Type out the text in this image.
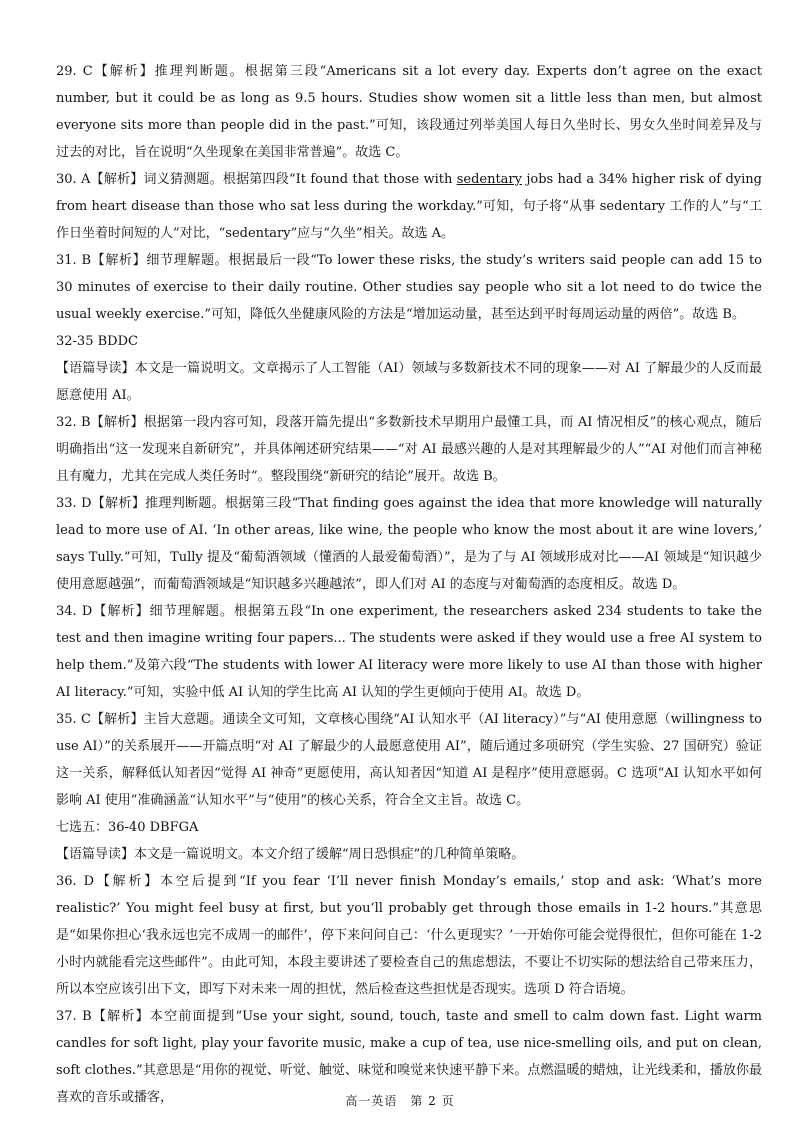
29. C【解析】推理判断题。根据第三段“Americans sit a lot every day. Experts don’t agree on the exact number, but it could be as long as 9.5 hours. Studies show women sit a little less than men, but almost everyone sits more than people did in the past.”可知，该段通过列举美国人每日久坐时长、男女久坐时间差异及与过去的对比，旨在说明“久坐现象在美国非常普遍”。故选 C。

30. A【解析】词义猜测题。根据第四段“It found that those with sedentary jobs had a 34% higher risk of dying from heart disease than those who sat less during the workday.”可知，句子将“从事 sedentary 工作的人”与“工作日坐着时间短的人”对比，“sedentary”应与“久坐”相关。故选 A。

31. B【解析】细节理解题。根据最后一段“To lower these risks, the study’s writers said people can add 15 to 30 minutes of exercise to their daily routine. Other studies say people who sit a lot need to do twice the usual weekly exercise.”可知，降低久坐健康风险的方法是“增加运动量，甚至达到平时每周运动量的两倍”。故选 B。

32-35 BDDC

【语篇导读】本文是一篇说明文。文章揭示了人工智能（AI）领域与多数新技术不同的现象——对 AI 了解最少的人反而最愿意使用 AI。

32. B【解析】根据第一段内容可知，段落开篇先提出“多数新技术早期用户最懂工具，而 AI 情况相反”的核心观点，随后明确指出“这一发现来自新研究”，并具体阐述研究结果——“对 AI 最感兴趣的人是对其理解最少的人”“AI 对他们而言神秘且有魔力，尤其在完成人类任务时”。整段围绕“新研究的结论”展开。故选 B。

33. D【解析】推理判断题。根据第三段“That finding goes against the idea that more knowledge will naturally lead to more use of AI. ‘In other areas, like wine, the people who know the most about it are wine lovers,’ says Tully.”可知，Tully 提及“葡萄酒领域（懂酒的人最爱葡萄酒）”，是为了与 AI 领域形成对比——AI 领域是“知识越少使用意愿越强”，而葡萄酒领域是“知识越多兴趣越浓”，即人们对 AI 的态度与对葡萄酒的态度相反。故选 D。

34. D【解析】细节理解题。根据第五段“In one experiment, the researchers asked 234 students to take the test and then imagine writing four papers... The students were asked if they would use a free AI system to help them.”及第六段“The students with lower AI literacy were more likely to use AI than those with higher AI literacy.”可知，实验中低 AI 认知的学生比高 AI 认知的学生更倾向于使用 AI。故选 D。

35. C【解析】主旨大意题。通读全文可知，文章核心围绕“AI 认知水平（AI literacy）”与“AI 使用意愿（willingness to use AI）”的关系展开——开篇点明“对 AI 了解最少的人最愿意使用 AI”，随后通过多项研究（学生实验、27 国研究）验证这一关系，解释低认知者因“觉得 AI 神奇”更愿使用，高认知者因“知道 AI 是程序”使用意愿弱。C 选项“AI 认知水平如何影响 AI 使用”准确涵盖“认知水平”与“使用”的核心关系，符合全文主旨。故选 C。

七选五：36-40 DBFGA

【语篇导读】本文是一篇说明文。本文介绍了缓解“周日恐惧症”的几种简单策略。

36. D【解析】本空后提到“If you fear ‘I’ll never finish Monday’s emails,’ stop and ask: ‘What’s more realistic?’ You might feel busy at first, but you’ll probably get through those emails in 1-2 hours.”其意思是“如果你担心‘我永远也完不成周一的邮件’，停下来问问自己：‘什么更现实？’一开始你可能会觉得很忙，但你可能在 1-2 小时内就能看完这些邮件”。由此可知，本段主要讲述了要检查自己的焦虑想法，不要让不切实际的想法给自己带来压力，所以本空应该引出下文，即写下对未来一周的担忧，然后检查这些担忧是否现实。选项 D 符合语境。

37. B【解析】本空前面提到“Use your sight, sound, touch, taste and smell to calm down fast. Light warm candles for soft light, play your favorite music, make a cup of tea, use nice-smelling oils, and put on clean, soft clothes.”其意思是“用你的视觉、听觉、触觉、味觉和嗅觉来快速平静下来。点燃温暖的蜡烛，让光线柔和，播放你最喜欢的音乐或播客，	高一英语　第 2 页
